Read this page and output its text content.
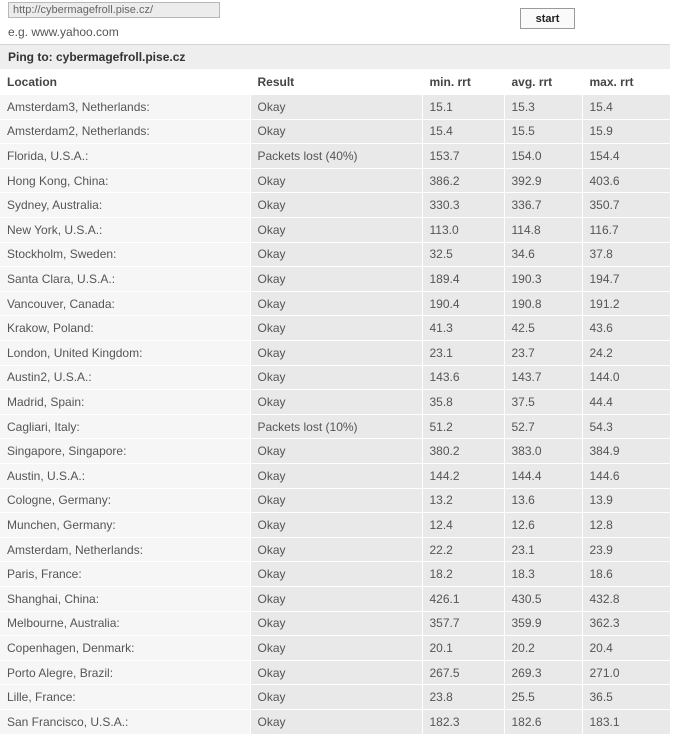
http://cybermagefroll.pise.cz/
e.g. www.yahoo.com
start
Ping to: cybermagefroll.pise.cz
Location	Result	min. rrt	avg. rrt	max. rrt
Amsterdam3, Netherlands:	Okay	15.1	15.3	15.4
Amsterdam2, Netherlands:	Okay	15.4	15.5	15.9
Florida, U.S.A.:	Packets lost (40%)	153.7	154.0	154.4
Hong Kong, China:	Okay	386.2	392.9	403.6
Sydney, Australia:	Okay	330.3	336.7	350.7
New York, U.S.A.:	Okay	113.0	114.8	116.7
Stockholm, Sweden:	Okay	32.5	34.6	37.8
Santa Clara, U.S.A.:	Okay	189.4	190.3	194.7
Vancouver, Canada:	Okay	190.4	190.8	191.2
Krakow, Poland:	Okay	41.3	42.5	43.6
London, United Kingdom:	Okay	23.1	23.7	24.2
Austin2, U.S.A.:	Okay	143.6	143.7	144.0
Madrid, Spain:	Okay	35.8	37.5	44.4
Cagliari, Italy:	Packets lost (10%)	51.2	52.7	54.3
Singapore, Singapore:	Okay	380.2	383.0	384.9
Austin, U.S.A.:	Okay	144.2	144.4	144.6
Cologne, Germany:	Okay	13.2	13.6	13.9
Munchen, Germany:	Okay	12.4	12.6	12.8
Amsterdam, Netherlands:	Okay	22.2	23.1	23.9
Paris, France:	Okay	18.2	18.3	18.6
Shanghai, China:	Okay	426.1	430.5	432.8
Melbourne, Australia:	Okay	357.7	359.9	362.3
Copenhagen, Denmark:	Okay	20.1	20.2	20.4
Porto Alegre, Brazil:	Okay	267.5	269.3	271.0
Lille, France:	Okay	23.8	25.5	36.5
San Francisco, U.S.A.:	Okay	182.3	182.6	183.1
